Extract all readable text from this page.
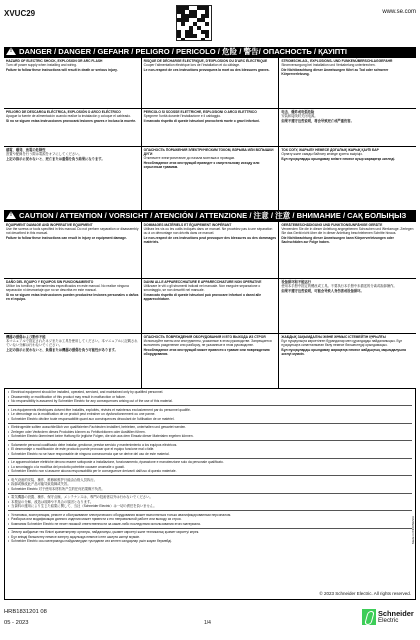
XVUC29	www.se.com
!DANGER / DANGER / GEFAHR / PELIGRO / PERICOLO / 危险 / 警告/ ОПАСНОСТЬ / ҚАУІПТІ
HAZARD OF ELECTRIC SHOCK, EXPLOSION OR ARC FLASH
Turn off power supply when installing and wiring.
Failure to follow these instructions will result in death or serious injury.
RISQUE DE DÉCHARGE ÉLECTRIQUE, D'EXPLOSION OU D'ARC ÉLECTRIQUE
Couper l'alimentation électrique lors de l'installation et du câblage.
Le non-respect de ces instructions provoquera la mort ou des blessures graves.
STROMSCHLAG-, EXPLOSIONS- UND FUNKENÜBERSCHLAGGEFAHR
Stromversorgung bei Installation und Verkabelung unterbrechen.
Die Nichtbeachtung dieser Anweisungen führt zu Tod oder schwerer Körperverletzung.
PELIGRO DE DESCARGA ELÉCTRICA, EXPLOSIÓN O ARCO ELÉCTRICO
Apague la fuente de alimentación cuando realice la instalación y coloque el cableado.
Si no se siguen estas instrucciones provocará lesiones graves e incluso la muerte.
PERICOLO SI SCOSSE ELETTRICHE, ESPLOSIONI O ARCO ELETTRICO
Spegnere l'unità durante l'installazione e il cablaggio.
Il mancato rispetto di queste istruzioni provocherà morte o gravi infortuni.
电击、爆炸或电弧危险
安装和接线时关闭电源。
如果不遵守这些说明，将会导致死亡或严重伤害。
感電、爆発、放電の危険性
設置や配線を行う際は電源をオフにしてください。
上記の指示に従わないと、死亡または重傷を負う結果になります。
ОПАСНОСТЬ ПОРАЖЕНИЯ ЭЛЕКТРИЧЕСКИМ ТОКОМ, ВЗРЫВА ИЛИ ВСПЫШКИ ДУГИ
Отключите электропитание до начала монтажа и проводки.
Несоблюдение этих инструкций приведет к смертельному исходу или серьезным травмам.
ТОК СОҒУ, ЖАРЫЛУ НЕМЕСЕ ДОҒАЛЫҚ ЖАРЫҚ ҚАУПІ БАР
Орнату және сымды байлату кезінде қуатты өшіріңіз.
Бұл нұсқауларды орындамау өлімге немесе ауыр жарақатқа әкеледі.
!CAUTION / ATTENTION / VORSICHT / ATENCIÓN / ATTENZIONE / 注意 / 注意 / ВНИМАНИЕ / САҚ БОЛЫҢЫЗ
EQUIPMENT DAMAGE AND INOPERATIVE EQUIPMENT
Use the screws or tools specified in this manual. Do not perform separation or disassembly not described in this manual.
Failure to follow these instructions can result in injury or equipment damage.
DOMMAGES MATÉRIELS ET ÉQUIPEMENT INOPÉRANT
Utilisez les vis ou les outils indiqués dans ce manuel. Ne procédez pas à une séparation ou à un démontage non décrits dans ce manuel.
Le non-respect de ces instructions peut provoquer des blessures ou des dommages matériels.
GERÄTEBESCHÄDIGUNG UND FUNKTIONSUNFÄHIGE GERÄTE
Verwenden Sie die in dieser Anleitung angegebenen Schrauben und Werkzeuge. Zerlegen Sie das Gerät nicht über die in dieser Anleitung beschriebenen Schritte hinaus.
Die Nichtbeachtung dieser Anweisungen kann Körperverletzungen oder Sachschäden zur Folge haben.
DAÑO DEL EQUIPO Y EQUIPOS SIN FUNCIONAMIENTO
Utilice los tornillos y herramientas especificados en este manual. No realice ninguna separación ni desmontaje que no se describa en este manual.
Si no se siguen estas instrucciones pueden producirse lesiones personales o daños en el equipo.
DANNI ALLE APPARECCHIATURE E APPARECCHIATURE NON OPERATIVE
Utilizzare le viti o gli strumenti indicati nel manuale. Non eseguire separazione o smontaggio, se non descritti nel manuale.
Il mancato rispetto di queste istruzioni può provocare infortuni o danni alle apparecchiature.
设备损坏和不能运行
使用本手册中指定的螺丝或工具。不要执行本手册中未描述的分离或拆卸操作。
如果不遵守这些说明，可能会导致人身伤害或设备损坏。
機器の損傷および動作不能
本マニュアルで指定されたネジまたは工具を使用してください。本マニュアルに記載されていない分解は行わないでください。
上記の指示に従わないと、負傷または機器の損傷を負う可能性があります。
ОПАСНОСТЬ ПОВРЕЖДЕНИЯ ОБОРУДОВАНИЯ И ЕГО ВЫХОДА ИЗ СТРОЯ
Используйте винты или инструменты, указанные в этом руководстве. Запрещается выполнять разделение или разборку, не указанные в этом руководстве.
Несоблюдение этих инструкций может привести к травме или повреждению оборудования.
ЖАБДЫҚ ЗАҚЫМДАЛУЫ ЖӘНЕ ЖҰМЫС ІСТЕМЕЙТІН ҚҰРЫЛҒЫ
Бұл нұсқаулықта көрсетілген бұрандалар мен құралдарды пайдаланыңыз. Бұл нұсқаулықта сипатталмаған бөлу немесе бөлшектеуді орындамаңыз.
Бұл нұсқауларды орындамау жарақатқа немесе жабдықтың зақымдалуына әкелуі мүмкін.
• Electrical equipment should be installed, operated, serviced, and maintained only by qualified personnel.
• Disassembly or modification of this product may result in malfunction or failure.
• No responsibility is assumed by Schneider Electric for any consequences arising out of the use of this material.
• Les équipements électriques doivent être installés, exploités, révisés et maintenus exclusivement par du personnel qualifié.
• Le démontage ou la modification de ce produit peut entraîner un dysfonctionnement ou une panne.
• Schneider Electric décline toute responsabilité quant aux conséquences découlant de l'utilisation de ce matériel.
• Elektrogeräte sollten ausschließlich von qualifizierten Fachleuten installiert, betrieben, unterhalten und gewartet werden.
• Zerlegen oder Verändern dieses Produktes können zu Fehlfunktionen oder Ausfällen führen.
• Schneider Electric übernimmt keine Haftung für jegliche Folgen, die sich aus dem Einsatz dieser Materialen ergeben können.
• Solamente personal cualificado debe instalar, gestionar, prestar servicio y mantenimiento a los equipos eléctricos.
• El desmontaje o modificación de este producto puede provocar que el equipo funcione mal o falle.
• Schneider Electric no se hace responsable de ninguna consecuencia que se derive del uso de este material.
• Le apparecchiature elettriche devono essere sottoposte a installazione, funzionamento, riparazione e manutenzione solo da personale qualificato.
• Lo smontaggio o la modifica del prodotto potrebbe causare anomalie o guasti.
• Schneider Electric non si assume alcuna responsabilità per le conseguenze derivanti dall'uso di questo materiale.
• 电气设备的安装、操作、维修和维护只能由合格人员执行。
• 拆卸或修改此产品可能导致故障或失效。
• Schneider Electric 对于使用本材料所产生的任何后果概不负责。
• 電気機器の設置、操作、保守点検、メンテナンスは、専門の技術者以外は行わないでください。
• 本製品の分解、改造は故障や不具合の原因となります。
• 当資料の運用により生じた結果に関して、当社（Schneider Electric）は一切の責任を負いません。
• Установка, эксплуатация, ремонт и обслуживание электрического оборудования может выполняться только квалифицированным персоналом.
• Разборка или модификация данного изделия может привести к его неправильной работе или выходу из строя.
• Компания Schneider Electric не несет никакой ответственности за какие-либо последствия использования этого материала.
• Электр жабдығын тек білікті қызметкерлер орнатуы, пайдалануы, қызмет көрсетуі және техникалық қызмет көрсетуі керек.
• Бұл өнімді бөлшектеу немесе өзгерту ақаулыққа немесе істен шығуға әкелуі мүмкін.
• Schneider Electric осы материалды пайдаланудан туындаған кез келген салдарлар үшін жауап бермейді.
© 2023 Schneider Electric. All rights reserved.
Made in INDONESIA
HRB1831201 08
05 - 2023	1/4
Schneider
Electric
